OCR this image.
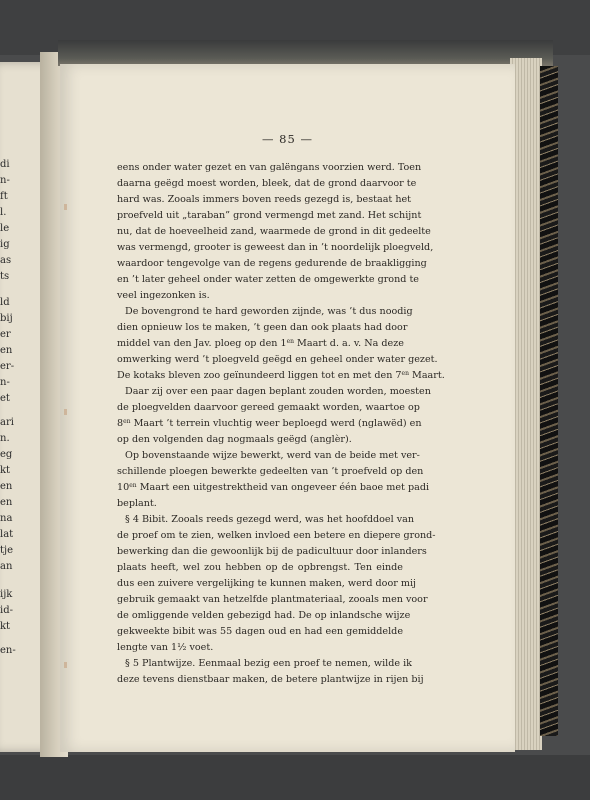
di
n-
ft
l.
le
ig
as
ts
ld
bij
er
en
er-
n-
et
ari
n.
eg
kt
en
en
na
lat
tje
an
ijk
id-
kt
en-
— 85 —
eens onder water gezet en van galëngans voorzien werd. Toen
daarna geëgd moest worden, bleek, dat de grond daarvoor te
hard was. Zooals immers boven reeds gezegd is, bestaat het
proefveld uit „taraban” grond vermengd met zand. Het schijnt
nu, dat de hoeveelheid zand, waarmede de grond in dit gedeelte
was vermengd, grooter is geweest dan in ’t noordelijk ploegveld,
waardoor tengevolge van de regens gedurende de braakligging
en ’t later geheel onder water zetten de omgewerkte grond te
veel ingezonken is.
De bovengrond te hard geworden zijnde, was ’t dus noodig
dien opnieuw los te maken, ’t geen dan ook plaats had door
middel van den Jav. ploeg op den $1^{en}$ Maart d. a. v. Na deze
omwerking werd ’t ploegveld geëgd en geheel onder water gezet.
De kotaks bleven zoo geïnundeerd liggen tot en met den $7^{en}$ Maart.
Daar zij over een paar dagen beplant zouden worden, moesten
de ploegvelden daarvoor gereed gemaakt worden, waartoe op
$8^{en}$ Maart ’t terrein vluchtig weer beploegd werd (nglawëd) en
op den volgenden dag nogmaals geëgd (anglèr).
Op bovenstaande wijze bewerkt, werd van de beide met ver-
schillende ploegen bewerkte gedeelten van ’t proefveld op den
$10^{en}$ Maart een uitgestrektheid van ongeveer één baoe met padi
beplant.
§ 4 Bibit. Zooals reeds gezegd werd, was het hoofddoel van
de proef om te zien, welken invloed een betere en diepere grond-
bewerking dan die gewoonlijk bij de padicultuur door inlanders
plaats heeft, wel zou hebben op de opbrengst. Ten einde
dus een zuivere vergelijking te kunnen maken, werd door mij
gebruik gemaakt van hetzelfde plantmateriaal, zooals men voor
de omliggende velden gebezigd had. De op inlandsche wijze
gekweekte bibit was 55 dagen oud en had een gemiddelde
lengte van 1½ voet.
§ 5 Plantwijze. Eenmaal bezig een proef te nemen, wilde ik
deze tevens dienstbaar maken, de betere plantwijze in rijen bij
